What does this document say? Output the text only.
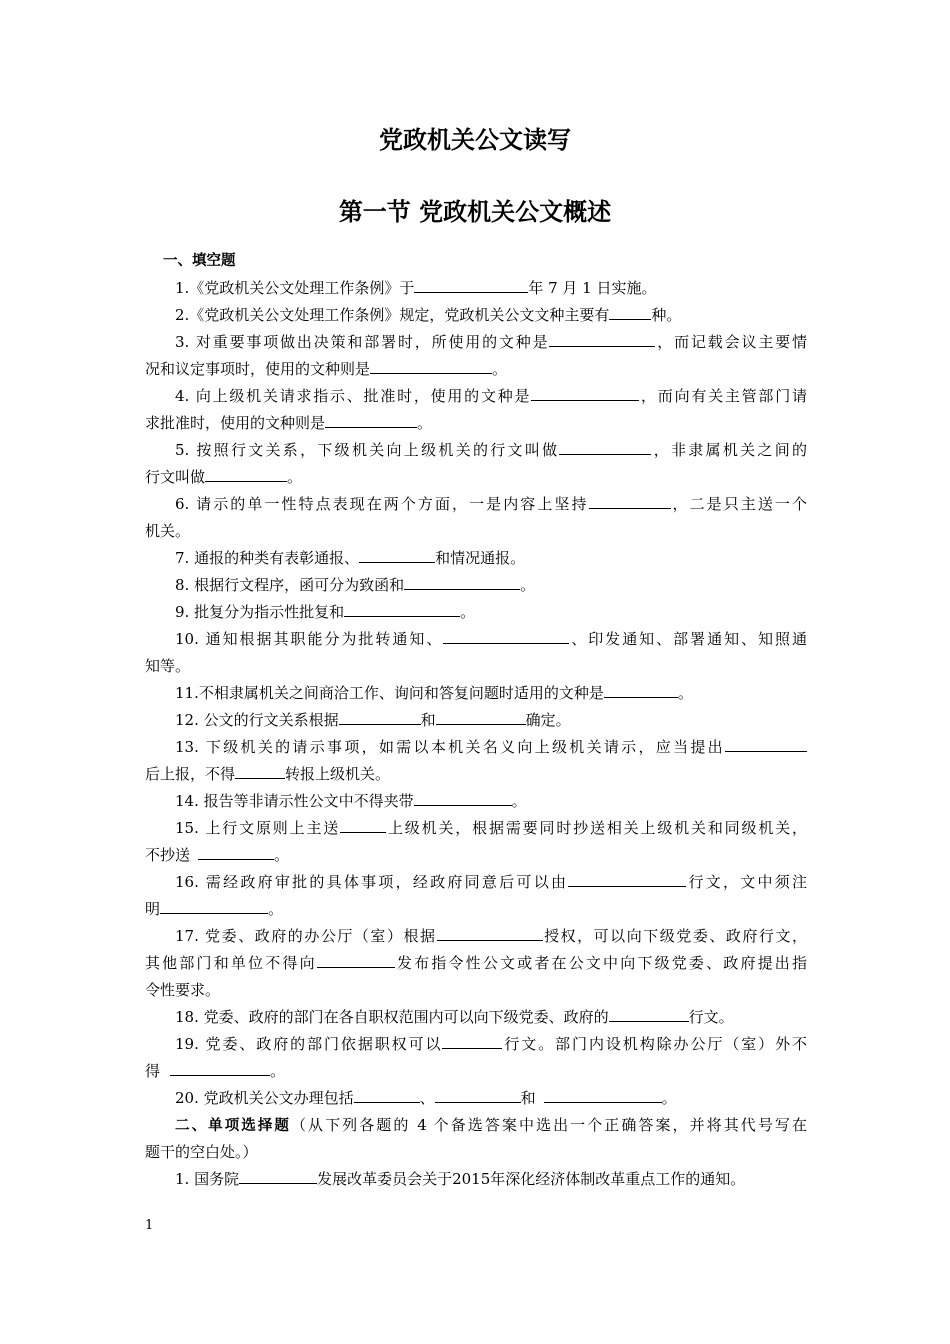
党政机关公文读写
第一节 党政机关公文概述
一、填空题
1.《党政机关公文处理工作条例》于	年 7 月 1 日实施。
2.《党政机关公文处理工作条例》规定，党政机关公文文种主要有	种。
3. 对重要事项做出决策和部署时，所使用的文种是	，而记载会议主要情
况和议定事项时，使用的文种则是	。
4. 向上级机关请求指示、批准时，使用的文种是	，而向有关主管部门请
求批准时，使用的文种则是	。
5. 按照行文关系，下级机关向上级机关的行文叫做	，非隶属机关之间的
行文叫做	。
6. 请示的单一性特点表现在两个方面，一是内容上坚持	，二是只主送一个
机关。
7. 通报的种类有表彰通报、	和情况通报。
8. 根据行文程序，函可分为致函和	。
9. 批复分为指示性批复和	。
10. 通知根据其职能分为批转通知、	、印发通知、部署通知、知照通
知等。
11.不相隶属机关之间商洽工作、询问和答复问题时适用的文种是	。
12. 公文的行文关系根据	和	确定。
13. 下级机关的请示事项，如需以本机关名义向上级机关请示，应当提出
后上报，不得	转报上级机关。
14. 报告等非请示性公文中不得夹带	。
15. 上行文原则上主送	上级机关，根据需要同时抄送相关上级机关和同级机关，
不抄送	。
16. 需经政府审批的具体事项，经政府同意后可以由	行文，文中须注
明	。
17. 党委、政府的办公厅（室）根据	授权，可以向下级党委、政府行文，
其他部门和单位不得向	发布指令性公文或者在公文中向下级党委、政府提出指
令性要求。
18. 党委、政府的部门在各自职权范围内可以向下级党委、政府的	行文。
19. 党委、政府的部门依据职权可以	行文。部门内设机构除办公厅（室）外不
得	。
20. 党政机关公文办理包括	、	和	。
二、单项选择题（从下列各题的 4 个备选答案中选出一个正确答案，并将其代号写在
题干的空白处。）
1. 国务院	发展改革委员会关于2015年深化经济体制改革重点工作的通知。
1
